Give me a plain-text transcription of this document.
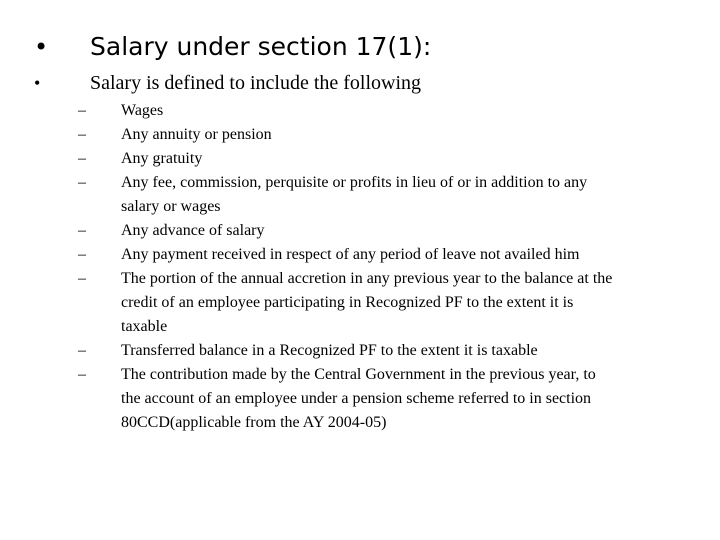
• Salary under section 17(1):
• Salary is defined to include the following
–	Wages
–	Any annuity or pension
–	Any gratuity
–	Any fee, commission, perquisite or profits in lieu of or in addition to any
salary or wages
–	Any advance of salary
–	Any payment received in respect of any period of leave not availed him
–	The portion of the annual accretion in any previous year to the balance at the
credit of an employee participating in Recognized PF to the extent it is
taxable
–	Transferred balance in a Recognized PF to the extent it is taxable
–	The contribution made by the Central Government in the previous year, to
the account of an employee under a pension scheme referred to in section
80CCD(applicable from the AY 2004-05)
